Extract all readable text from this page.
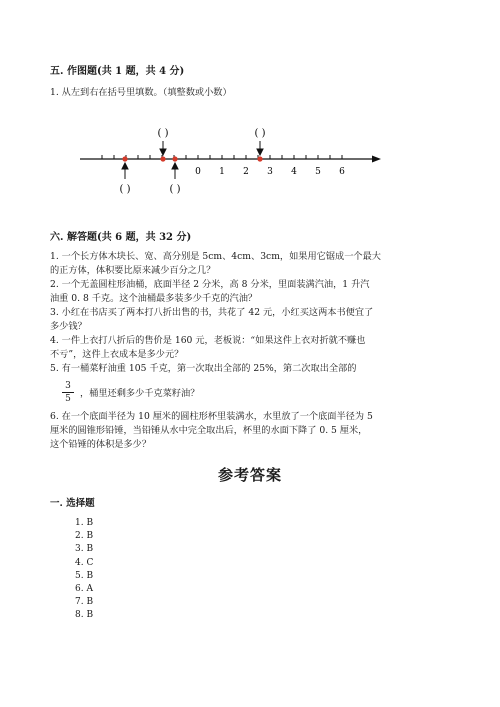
五. 作图题(共 1 题，共 4 分)
1. 从左到右在括号里填数。（填整数或小数）
0 1 2 3 4 5 6
( )	( )
( )	( )
六. 解答题(共 6 题，共 32 分)
1. 一个长方体木块长、宽、高分别是 5cm、4cm、3cm，如果用它锯成一个最大
的正方体，体积要比原来减少百分之几？
2. 一个无盖圆柱形油桶，底面半径 2 分米，高 8 分米，里面装满汽油，1 升汽
油重 0. 8 千克。这个油桶最多装多少千克的汽油？
3. 小红在书店买了两本打八折出售的书，共花了 42 元，小红买这两本书便宜了
多少钱？
4. 一件上衣打八折后的售价是 160 元，老板说：“如果这件上衣对折就不赚也
不亏”，这件上衣成本是多少元？
5. 有一桶菜籽油重 105 千克，第一次取出全部的 25%，第二次取出全部的
3
5 ，桶里还剩多少千克菜籽油？
6. 在一个底面半径为 10 厘米的圆柱形杯里装满水，水里放了一个底面半径为 5
厘米的圆锥形铅锤，当铅锤从水中完全取出后，杯里的水面下降了 0. 5 厘米，
这个铅锤的体积是多少？
参考答案
一. 选择题
1. B
2. B
3. B
4. C
5. B
6. A
7. B
8. B
